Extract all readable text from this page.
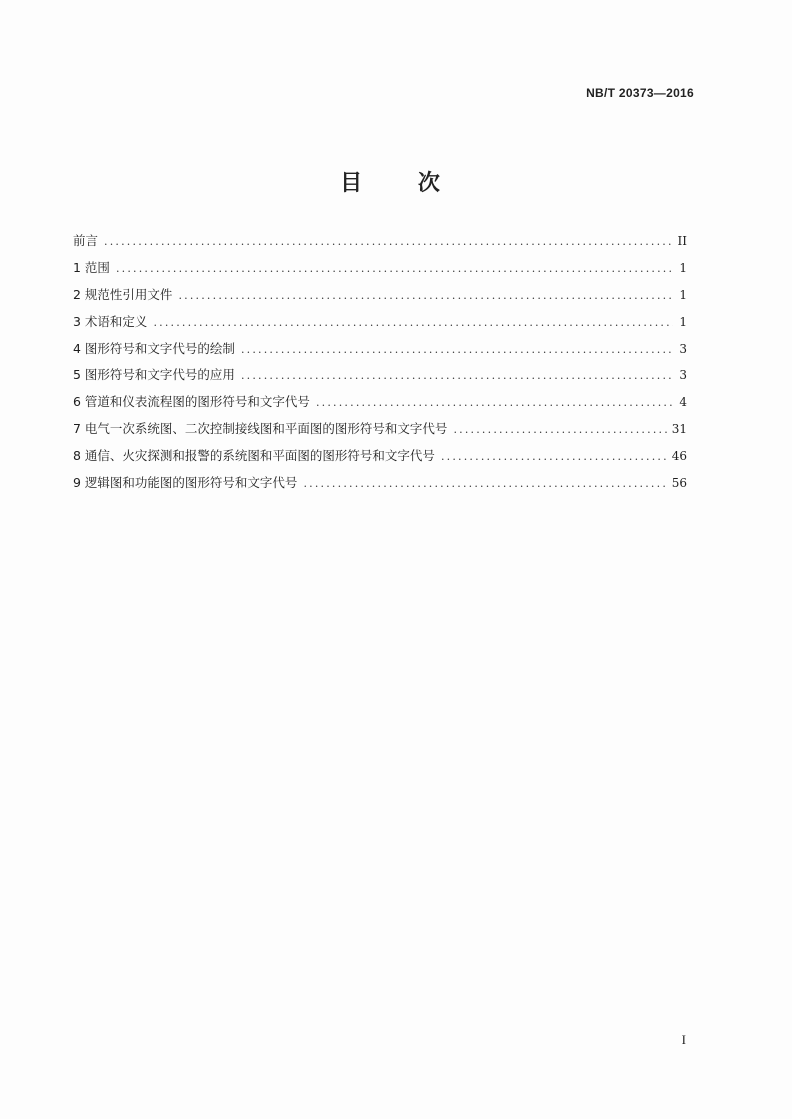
NB/T 20373—2016
目 次
前言 .....	II
1 范围 .....	1
2 规范性引用文件 .....	1
3 术语和定义 .....	1
4 图形符号和文字代号的绘制 .....	3
5 图形符号和文字代号的应用 .....	3
6 管道和仪表流程图的图形符号和文字代号 .....	4
7 电气一次系统图、二次控制接线图和平面图的图形符号和文字代号 .....	31
8 通信、火灾探测和报警的系统图和平面图的图形符号和文字代号 .....	46
9 逻辑图和功能图的图形符号和文字代号 .....	56
I
